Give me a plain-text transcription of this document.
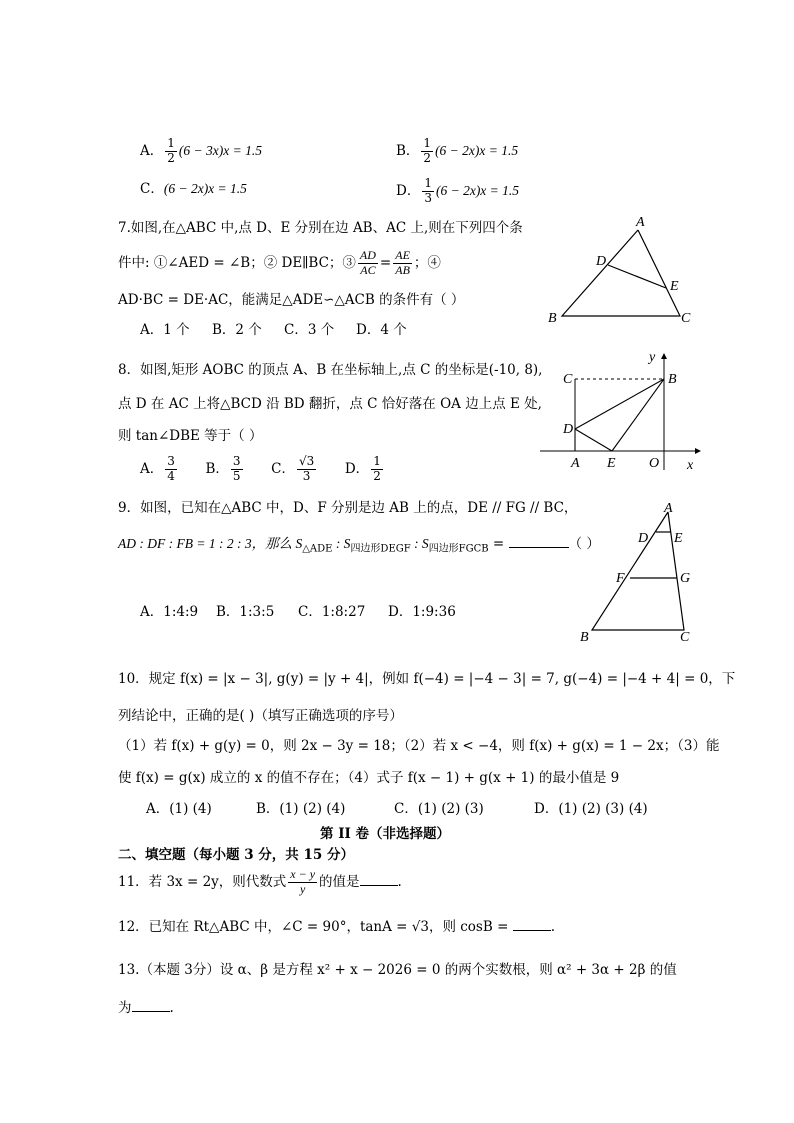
A． $\frac{1}{2} (6 - 3x)x = 1.5$	B． $\frac{1}{2} (6 - 2x)x = 1.5$
C．(6 − 2x)x = 1.5	D． $\frac{1}{3} (6 - 2x)x = 1.5$
7.如图,在△ABC 中,点 D、E 分别在边 AB、AC 上,则在下列四个条
件中: ①∠AED = ∠B；② DE∥BC；③ $\frac{AD}{AC} = \frac{AE}{AB}$ ；④
AD·BC = DE·AC，能满足△ADE∽△ACB 的条件有（ ）
A．1 个 B．2 个 C．3 个 D．4 个
A
D
E
B	C
8．如图,矩形 AOBC 的顶点 A、B 在坐标轴上,点 C 的坐标是(-10, 8),
点 D 在 AC 上将△BCD 沿 BD 翻折，点 C 恰好落在 OA 边上点 E 处,
则 tan∠DBE 等于（ ）
A． $\frac{3}{4}$ B． $\frac{3}{5}$ C． $\frac{√3}{3}$ D． $\frac{1}{2}$
y
x
C	B
D
A E O
9．如图，已知在△ABC 中，D、F 分别是边 AB 上的点，DE // FG // BC，
AD : DF : FB = 1 : 2 : 3，那么 $S_{\triangle ADE}$ : $S_{四边形DEGF}$ : $S_{四边形FGCB}$ =	（ ）
A．1:4:9 B．1:3:5 C．1:8:27 D．1:9:36
A
D E
F	G
B	C
10．规定 f(x) = |x − 3|, g(y) = |y + 4|，例如 f(−4) = |−4 − 3| = 7, g(−4) = |−4 + 4| = 0，下
列结论中，正确的是( )（填写正确选项的序号）
（1）若 f(x) + g(y) = 0，则 2x − 3y = 18；（2）若 x < −4，则 f(x) + g(x) = 1 − 2x；（3）能
使 f(x) = g(x) 成立的 x 的值不存在；（4）式子 f(x − 1) + g(x + 1) 的最小值是 9
A．(1) (4)	B．(1) (2) (4)	C．(1) (2) (3)	D．(1) (2) (3) (4)
第 II 卷（非选择题）
二、填空题（每小题 3 分，共 15 分）
11．若 3x = 2y，则代数式 $\frac{x - y}{y}$ 的值是	.
12．已知在 Rt△ABC 中，∠C = 90°，tanA = √3，则 cosB =	.
13.（本题 3分）设 α、β 是方程 x² + x − 2026 = 0 的两个实数根，则 α² + 3α + 2β 的值
为	.
